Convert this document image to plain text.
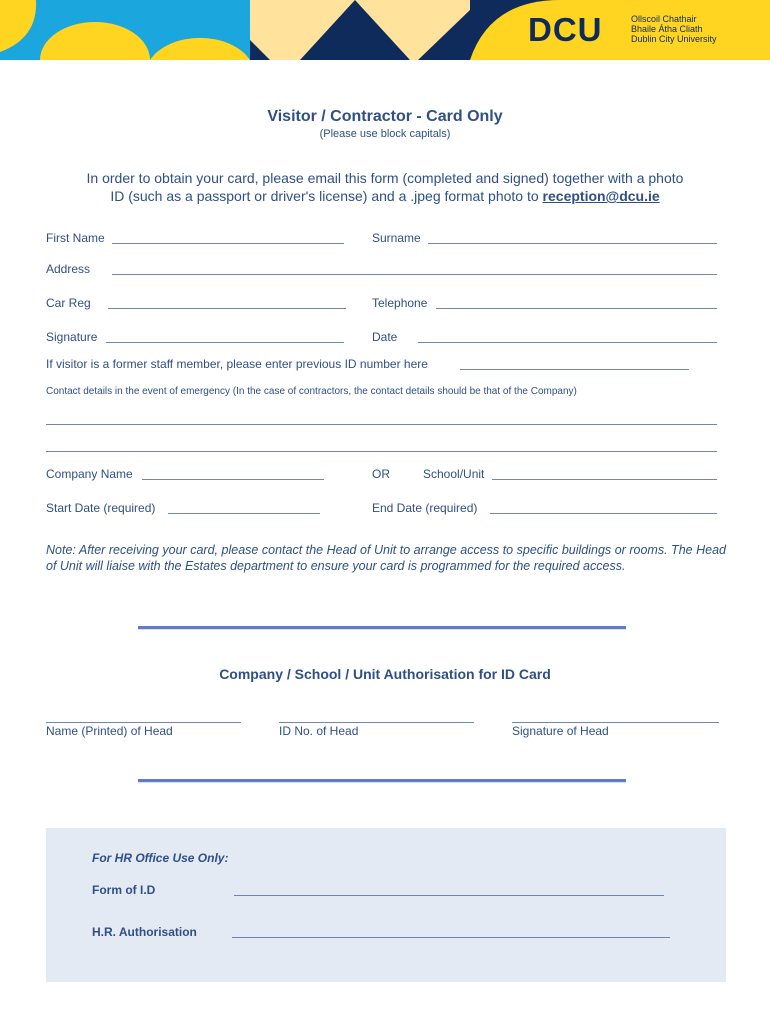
DCU	Ollscoil Chathair
Bhaile Átha Cliath
Dublin City University
Visitor / Contractor - Card Only
(Please use block capitals)
In order to obtain your card, please email this form (completed and signed) together with a photo
ID (such as a passport or driver's license) and a .jpeg format photo to reception@dcu.ie
First Name	Surname
Address
Car Reg	Telephone
Signature	Date
If visitor is a former staff member, please enter previous ID number here
Contact details in the event of emergency (In the case of contractors, the contact details should be that of the Company)
Company Name	OR	School/Unit
Start Date (required)	End Date (required)
Note: After receiving your card, please contact the Head of Unit to arrange access to specific buildings or rooms. The Head of Unit will liaise with the Estates department to ensure your card is programmed for the required access.
Company / School / Unit Authorisation for ID Card
Name (Printed) of Head	ID No. of Head	Signature of Head
For HR Office Use Only:
Form of I.D
H.R. Authorisation
